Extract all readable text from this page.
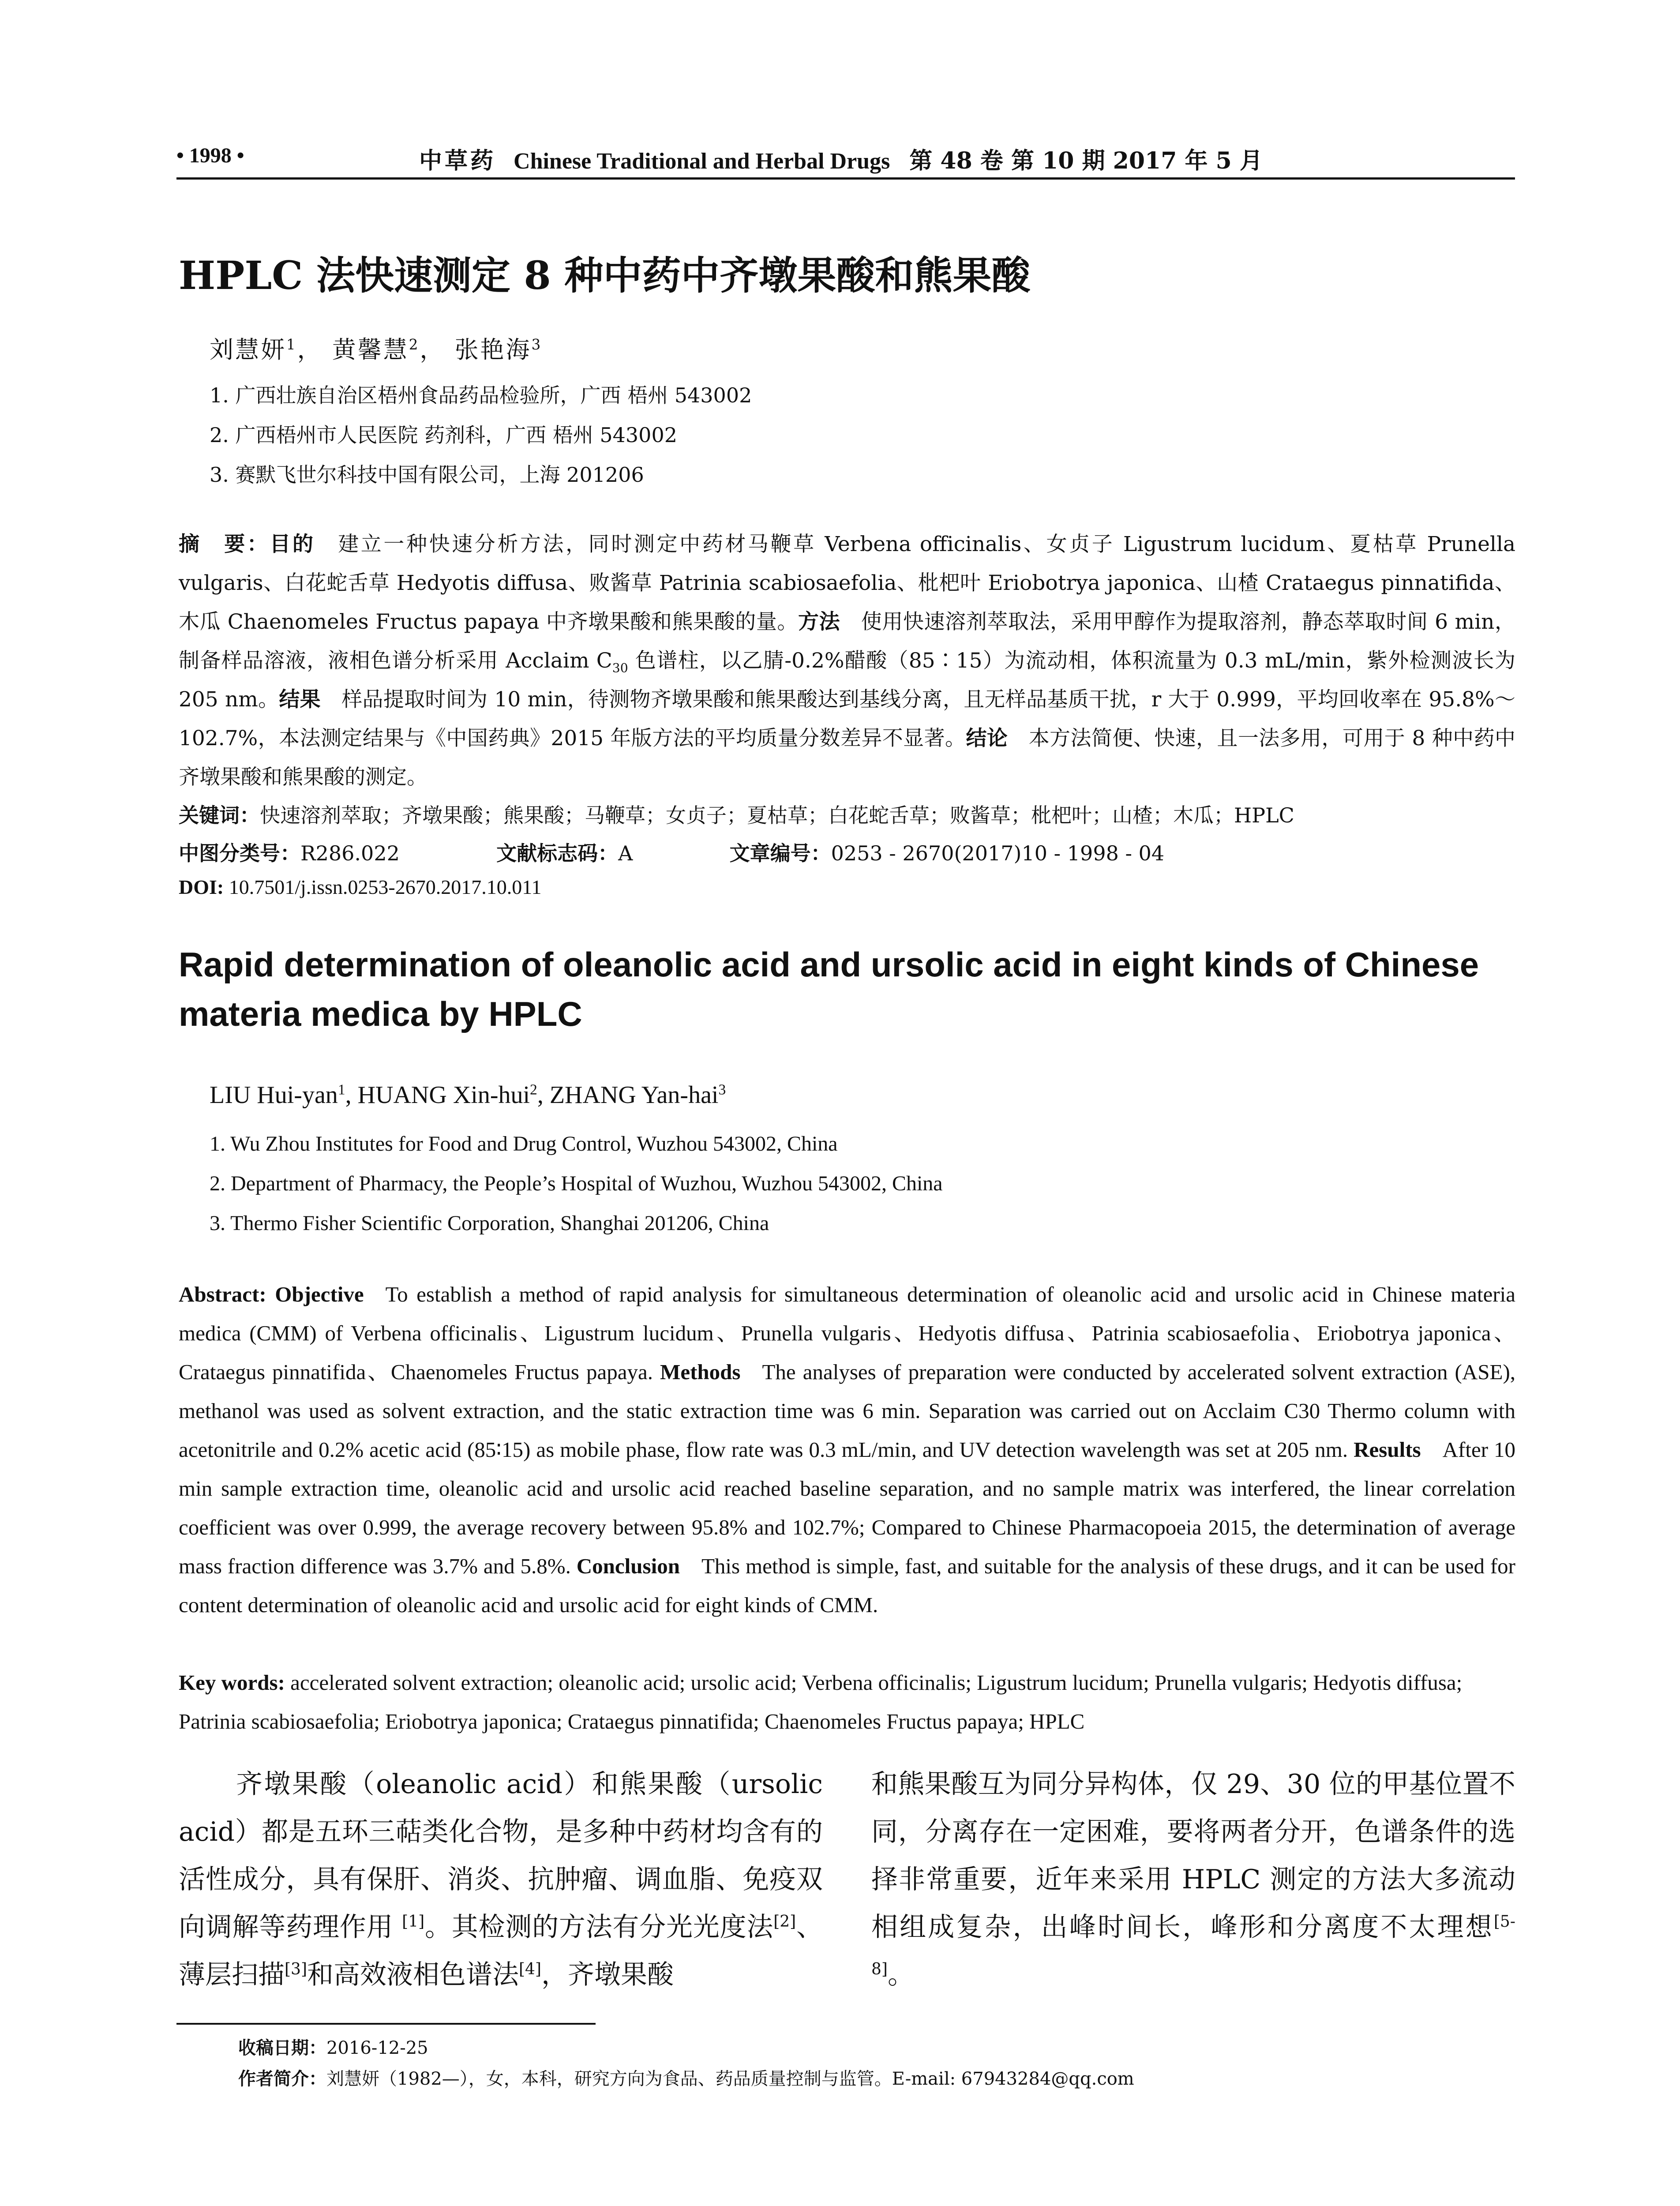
• 1998 •	中草药 Chinese Traditional and Herbal Drugs 第 48 卷 第 10 期 2017 年 5 月
HPLC 法快速测定 8 种中药中齐墩果酸和熊果酸
刘慧妍$^1$， 黄馨慧$^2$， 张艳海$^3$
1. 广西壮族自治区梧州食品药品检验所，广西 梧州 543002
2. 广西梧州市人民医院 药剂科，广西 梧州 543002
3. 赛默飞世尔科技中国有限公司，上海 201206
摘　要：目的  建立一种快速分析方法，同时测定中药材马鞭草 Verbena officinalis、女贞子 Ligustrum lucidum、夏枯草 Prunella vulgaris、白花蛇舌草 Hedyotis diffusa、败酱草 Patrinia scabiosaefolia、枇杷叶 Eriobotrya japonica、山楂 Crataegus pinnatifida、木瓜 Chaenomeles Fructus papaya 中齐墩果酸和熊果酸的量。方法  使用快速溶剂萃取法，采用甲醇作为提取溶剂，静态萃取时间 6 min，制备样品溶液，液相色谱分析采用 Acclaim $C_{30}$ 色谱柱，以乙腈-0.2%醋酸（85∶15）为流动相，体积流量为 0.3 mL/min，紫外检测波长为 205 nm。结果  样品提取时间为 10 min，待测物齐墩果酸和熊果酸达到基线分离，且无样品基质干扰，r 大于 0.999，平均回收率在 95.8%～102.7%，本法测定结果与《中国药典》2015 年版方法的平均质量分数差异不显著。结论  本方法简便、快速，且一法多用，可用于 8 种中药中齐墩果酸和熊果酸的测定。
关键词：快速溶剂萃取；齐墩果酸；熊果酸；马鞭草；女贞子；夏枯草；白花蛇舌草；败酱草；枇杷叶；山楂；木瓜；HPLC
中图分类号：R286.022	文献标志码：A	文章编号：0253 - 2670(2017)10 - 1998 - 04
DOI: 10.7501/j.issn.0253-2670.2017.10.011
Rapid determination of oleanolic acid and ursolic acid in eight kinds of Chinese materia medica by HPLC
LIU Hui-yan$^1$, HUANG Xin-hui$^2$, ZHANG Yan-hai$^3$
1. Wu Zhou Institutes for Food and Drug Control, Wuzhou 543002, China
2. Department of Pharmacy, the People’s Hospital of Wuzhou, Wuzhou 543002, China
3. Thermo Fisher Scientific Corporation, Shanghai 201206, China
Abstract: Objective  To establish a method of rapid analysis for simultaneous determination of oleanolic acid and ursolic acid in Chinese materia medica (CMM) of Verbena officinalis、Ligustrum lucidum、Prunella vulgaris、Hedyotis diffusa、Patrinia scabiosaefolia、Eriobotrya japonica、Crataegus pinnatifida、Chaenomeles Fructus papaya. Methods  The analyses of preparation were conducted by accelerated solvent extraction (ASE), methanol was used as solvent extraction, and the static extraction time was 6 min. Separation was carried out on Acclaim C30 Thermo column with acetonitrile and 0.2% acetic acid (85∶15) as mobile phase, flow rate was 0.3 mL/min, and UV detection wavelength was set at 205 nm. Results  After 10 min sample extraction time, oleanolic acid and ursolic acid reached baseline separation, and no sample matrix was interfered, the linear correlation coefficient was over 0.999, the average recovery between 95.8% and 102.7%; Compared to Chinese Pharmacopoeia 2015, the determination of average mass fraction difference was 3.7% and 5.8%. Conclusion  This method is simple, fast, and suitable for the analysis of these drugs, and it can be used for content determination of oleanolic acid and ursolic acid for eight kinds of CMM.
Key words: accelerated solvent extraction; oleanolic acid; ursolic acid; Verbena officinalis; Ligustrum lucidum; Prunella vulgaris; Hedyotis diffusa; Patrinia scabiosaefolia; Eriobotrya japonica; Crataegus pinnatifida; Chaenomeles Fructus papaya; HPLC
齐墩果酸（oleanolic acid）和熊果酸（ursolic acid）都是五环三萜类化合物，是多种中药材均含有的活性成分，具有保肝、消炎、抗肿瘤、调血脂、免疫双向调解等药理作用 [1]。其检测的方法有分光光度法[2]、薄层扫描[3]和高效液相色谱法[4]，齐墩果酸
和熊果酸互为同分异构体，仅 29、30 位的甲基位置不同，分离存在一定困难，要将两者分开，色谱条件的选择非常重要，近年来采用 HPLC 测定的方法大多流动相组成复杂，出峰时间长，峰形和分离度不太理想[5-8]。
收稿日期：2016-12-25
作者简介：刘慧妍（1982—），女，本科，研究方向为食品、药品质量控制与监管。E-mail: 67943284@qq.com
